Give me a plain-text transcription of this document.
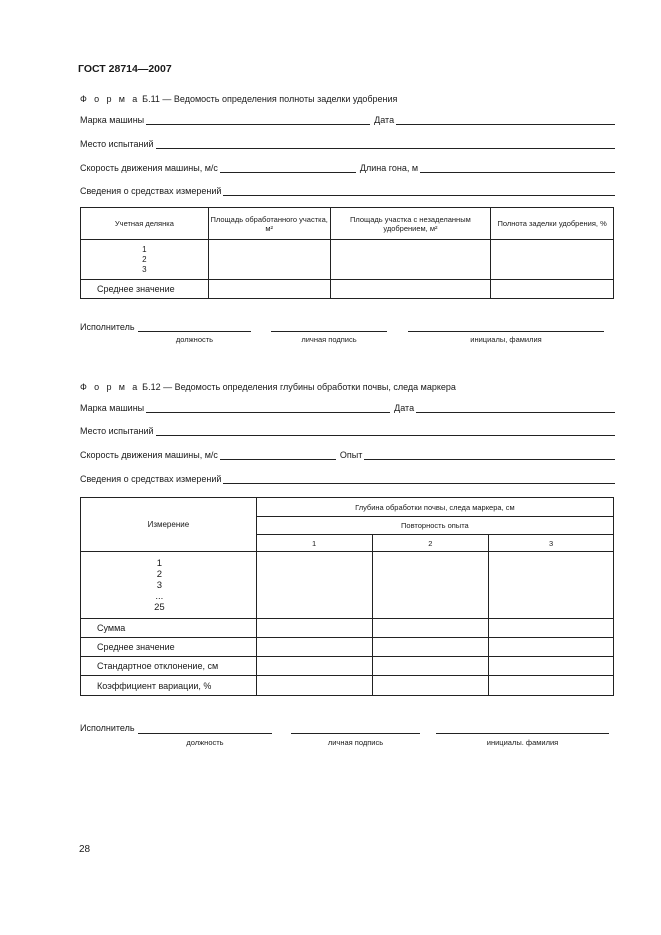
ГОСТ 28714—2007
Ф о р м а Б.11 — Ведомость определения полноты заделки удобрения
Марка машины	Дата
Место испытаний
Скорость движения машины, м/с	Длина гона, м
Сведения о средствах измерений
Учетная делянка	Площадь обработанного участка, м²	Площадь участка с незаделанным удобрением, м²	Полнота заделки удобрения, %

1
2
3			

Среднее значение			
Исполнитель
должность	личная подпись	инициалы, фамилия
Ф о р м а Б.12 — Ведомость определения глубины обработки почвы, следа маркера
Марка машины	Дата
Место испытаний
Скорость движения машины, м/с	Опыт
Сведения о средствах измерений
Измерение	Глубина обработки почвы, следа маркера, см		
	Повторность опыта		
	1	2	3

1
2
3
...
25			

Сумма			
Среднее значение			
Стандартное отклонение, см			
Коэффициент вариации, %			
Исполнитель
должность	личная подпись	инициалы. фамилия
28
